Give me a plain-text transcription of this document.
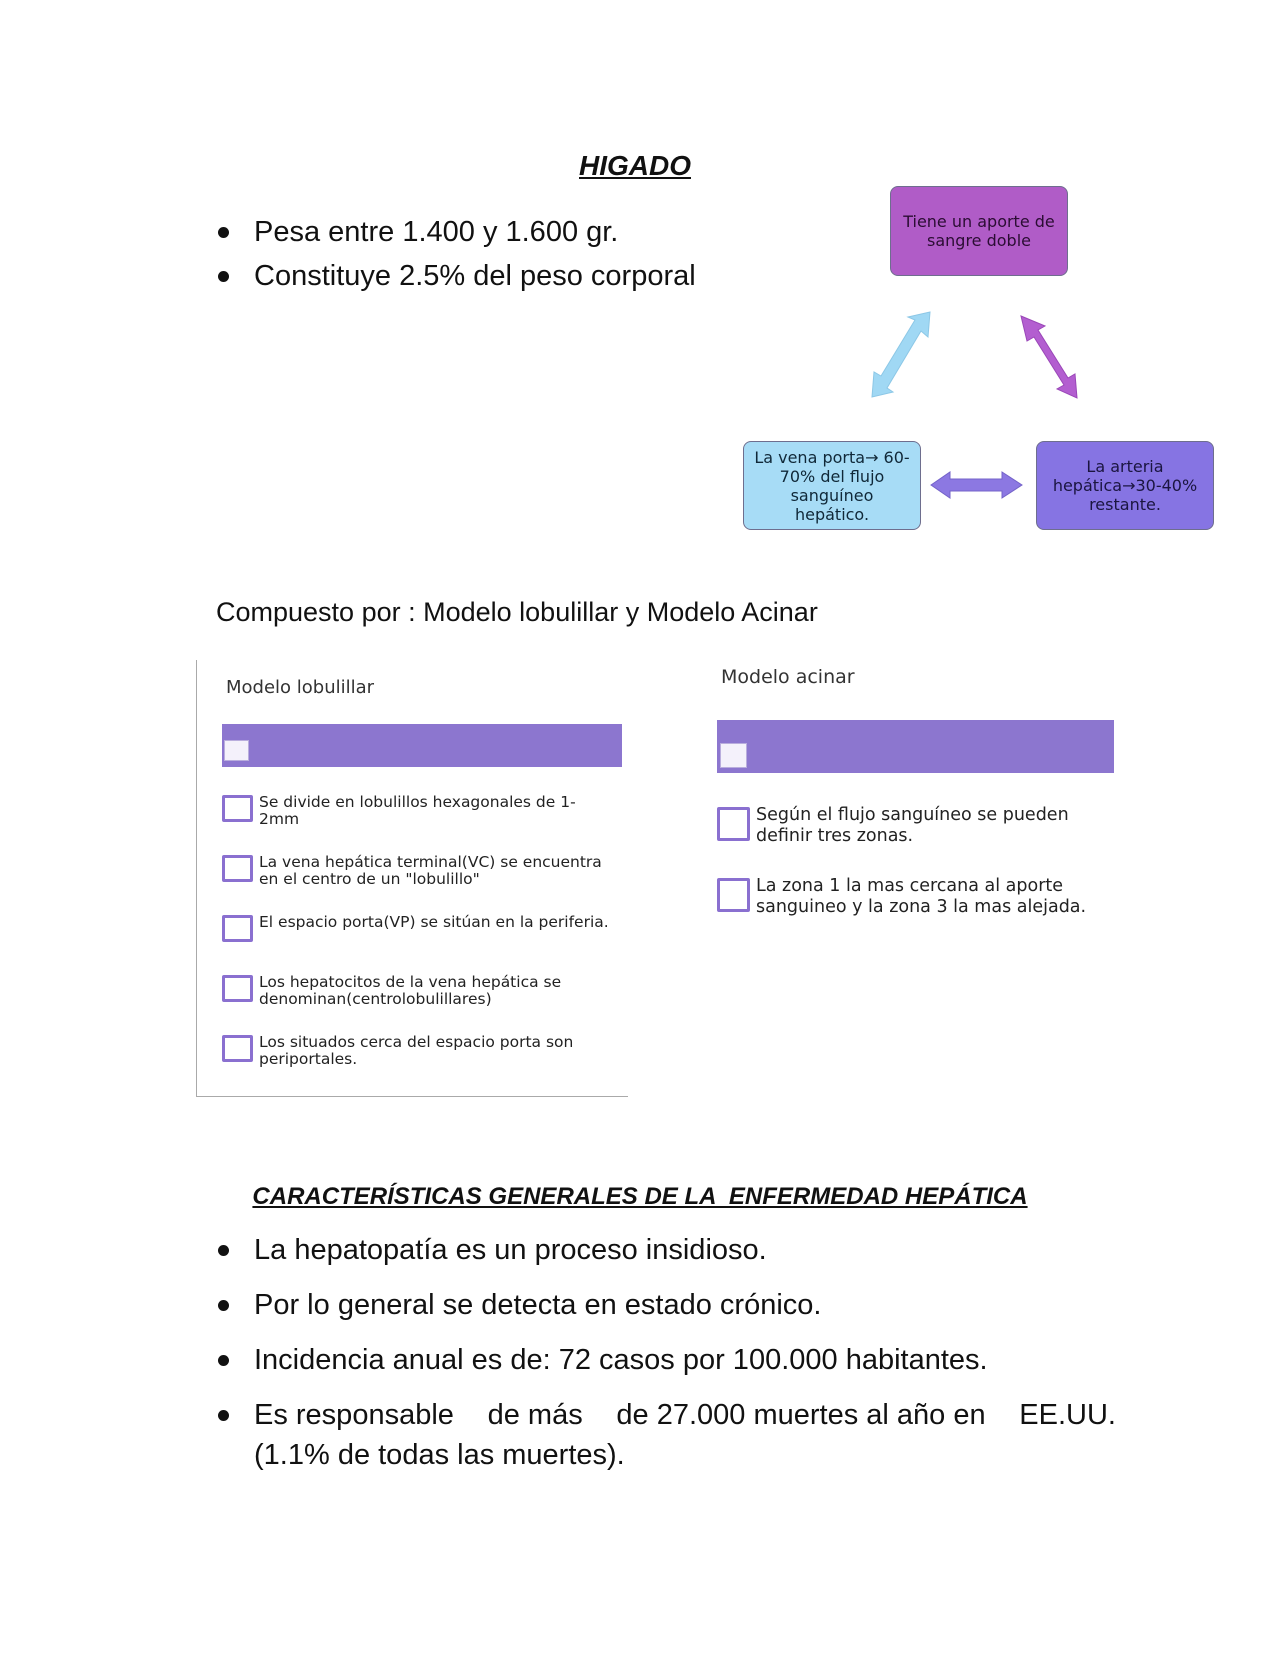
HIGADO
Pesa entre 1.400 y 1.600 gr.
Constituye 2.5% del peso corporal
Tiene un aporte de sangre doble
La vena porta→ 60-70% del flujo sanguíneo hepático.
La arteria hepática→30-40% restante.
Compuesto por : Modelo lobulillar y Modelo Acinar
Modelo lobulillar
Se divide en lobulillos hexagonales de 1-2mm
La vena hepática terminal(VC) se encuentra en el centro de un "lobulillo"
El espacio porta(VP) se sitúan en la periferia.
Los hepatocitos de la vena hepática se denominan(centrolobulillares)
Los situados cerca del espacio porta son periportales.
Modelo acinar
Según el flujo sanguíneo se pueden definir tres zonas.
La zona 1 la mas cercana al aporte sanguineo y la zona 3 la mas alejada.
CARACTERÍSTICAS GENERALES DE LA  ENFERMEDAD HEPÁTICA
La hepatopatía es un proceso insidioso.
Por lo general se detecta en estado crónico.
Incidencia anual es de: 72 casos por 100.000 habitantes.
Es responsable de más de 27.000 muertes al año en EE.UU.
(1.1% de todas las muertes).
